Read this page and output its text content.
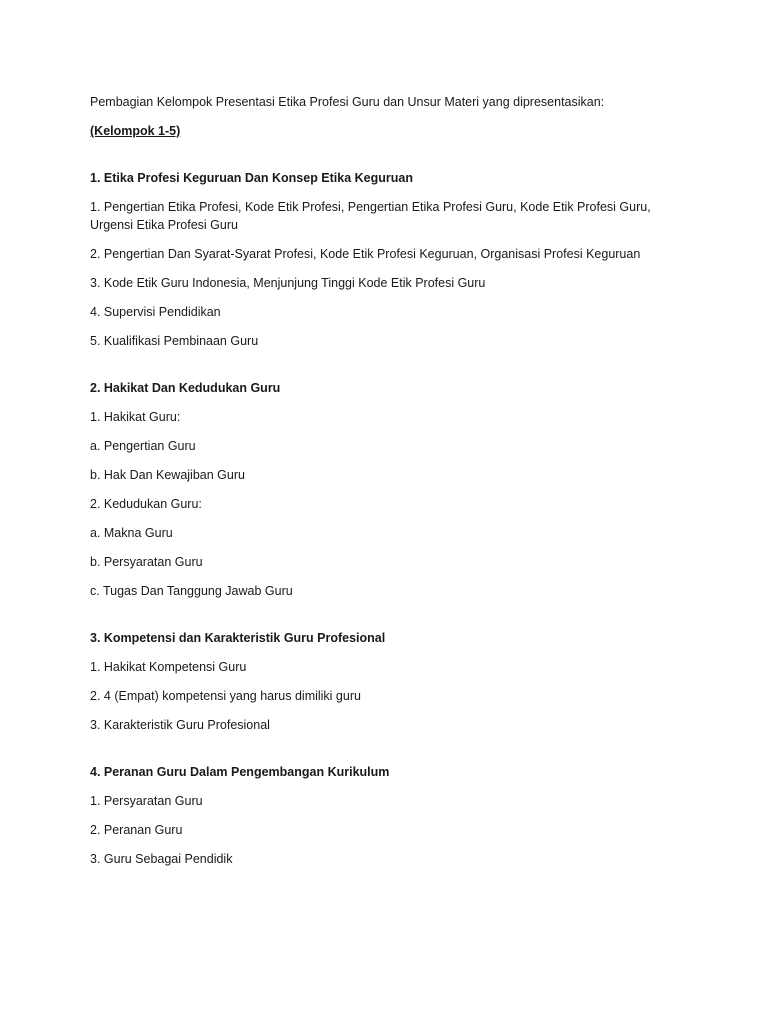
Pembagian Kelompok Presentasi Etika Profesi Guru dan Unsur Materi yang dipresentasikan:
(Kelompok 1-5)
1. Etika Profesi Keguruan Dan Konsep Etika Keguruan
1. Pengertian Etika Profesi, Kode Etik Profesi, Pengertian Etika Profesi Guru, Kode Etik Profesi Guru, Urgensi Etika Profesi Guru
2. Pengertian Dan Syarat-Syarat Profesi, Kode Etik Profesi Keguruan, Organisasi Profesi Keguruan
3. Kode Etik Guru Indonesia, Menjunjung Tinggi Kode Etik Profesi Guru
4. Supervisi Pendidikan
5. Kualifikasi Pembinaan Guru
2. Hakikat Dan Kedudukan Guru
1. Hakikat Guru:
a. Pengertian Guru
b. Hak Dan Kewajiban Guru
2. Kedudukan Guru:
a. Makna Guru
b. Persyaratan Guru
c. Tugas Dan Tanggung Jawab Guru
3. Kompetensi dan Karakteristik Guru Profesional
1. Hakikat Kompetensi Guru
2. 4 (Empat) kompetensi yang harus dimiliki guru
3. Karakteristik Guru Profesional
4. Peranan Guru Dalam Pengembangan Kurikulum
1. Persyaratan Guru
2. Peranan Guru
3. Guru Sebagai Pendidik
